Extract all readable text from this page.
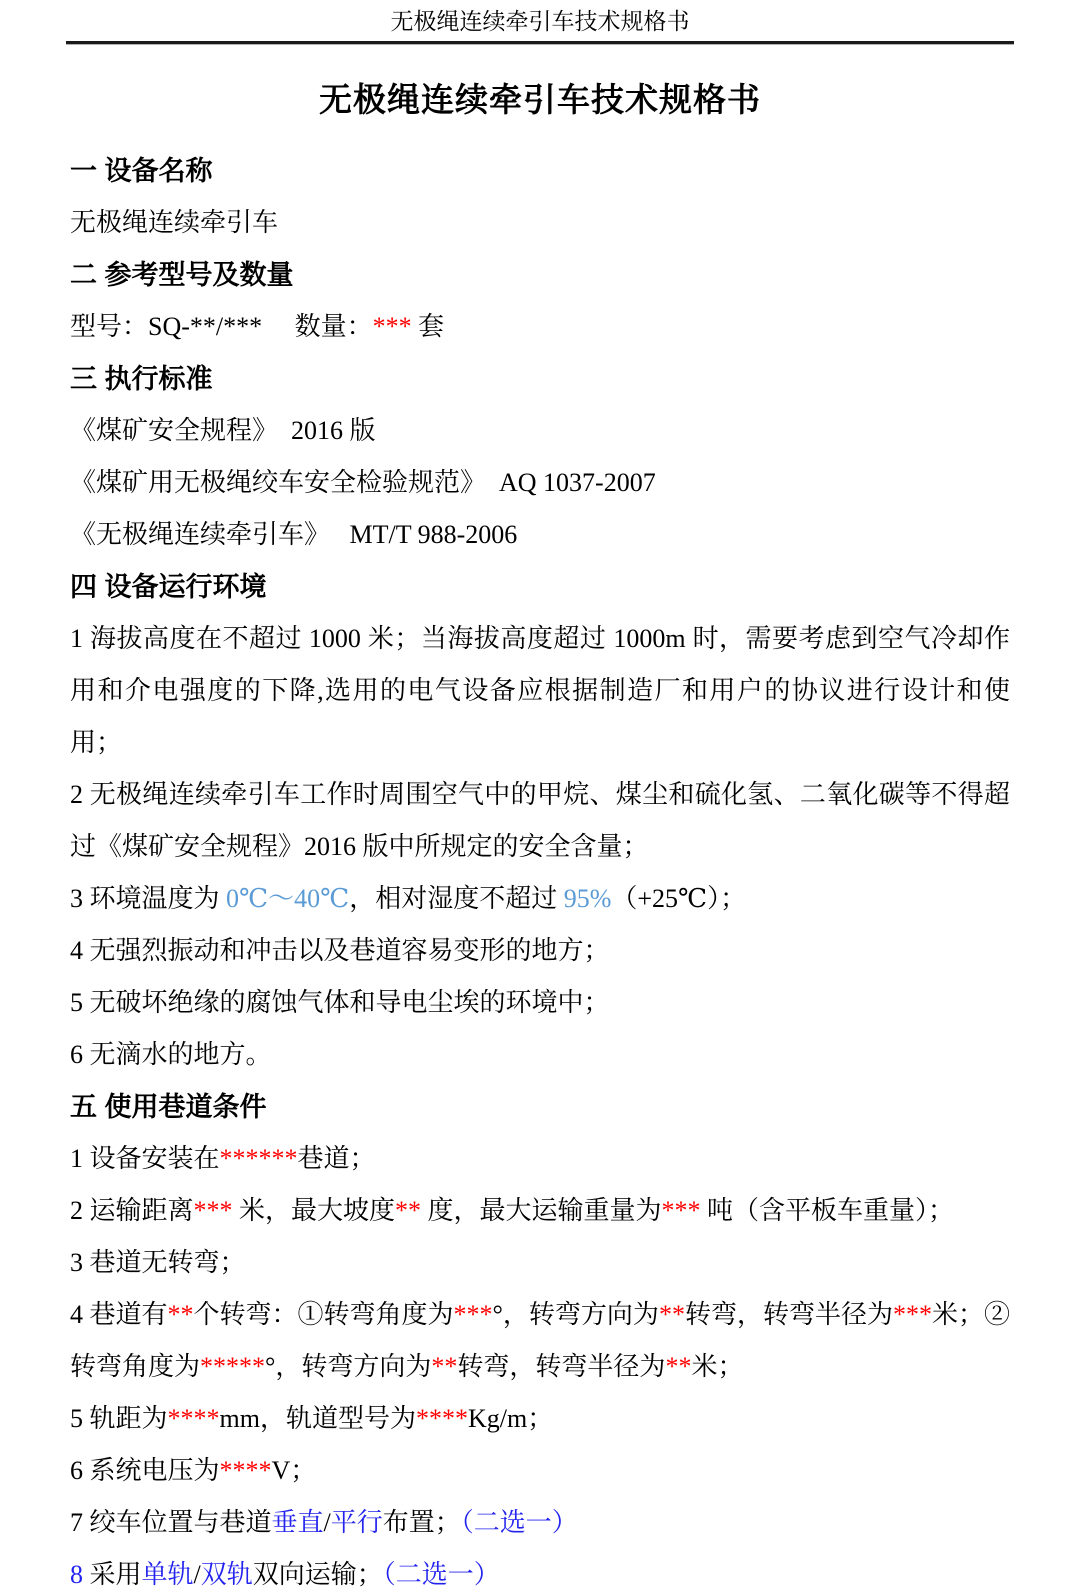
无极绳连续牵引车技术规格书
无极绳连续牵引车技术规格书
一 设备名称

无极绳连续牵引车

二 参考型号及数量

型号：SQ-**/***     数量：*** 套

三 执行标准

《煤矿安全规程》  2016 版

《煤矿用无极绳绞车安全检验规范》  AQ 1037-2007

《无极绳连续牵引车》   MT/T 988-2006

四 设备运行环境

1 海拔高度在不超过 1000 米；当海拔高度超过 1000m 时，需要考虑到空气冷却作用和介电强度的下降,选用的电气设备应根据制造厂和用户的协议进行设计和使用；

2 无极绳连续牵引车工作时周围空气中的甲烷、煤尘和硫化氢、二氧化碳等不得超过《煤矿安全规程》2016 版中所规定的安全含量；

3 环境温度为 0℃～40℃，相对湿度不超过 95%（+25℃）；

4 无强烈振动和冲击以及巷道容易变形的地方；

5 无破坏绝缘的腐蚀气体和导电尘埃的环境中；

6 无滴水的地方。

五 使用巷道条件

1 设备安装在******巷道；

2 运输距离*** 米，最大坡度** 度，最大运输重量为*** 吨（含平板车重量）；

3 巷道无转弯；

4 巷道有**个转弯：①转弯角度为***°，转弯方向为**转弯，转弯半径为***米；②转弯角度为*****°，转弯方向为**转弯，转弯半径为**米；

5 轨距为****mm，轨道型号为****Kg/m；

6 系统电压为****V；

7 绞车位置与巷道垂直/平行布置；（二选一）

8 采用单轨/双轨双向运输；（二选一）
